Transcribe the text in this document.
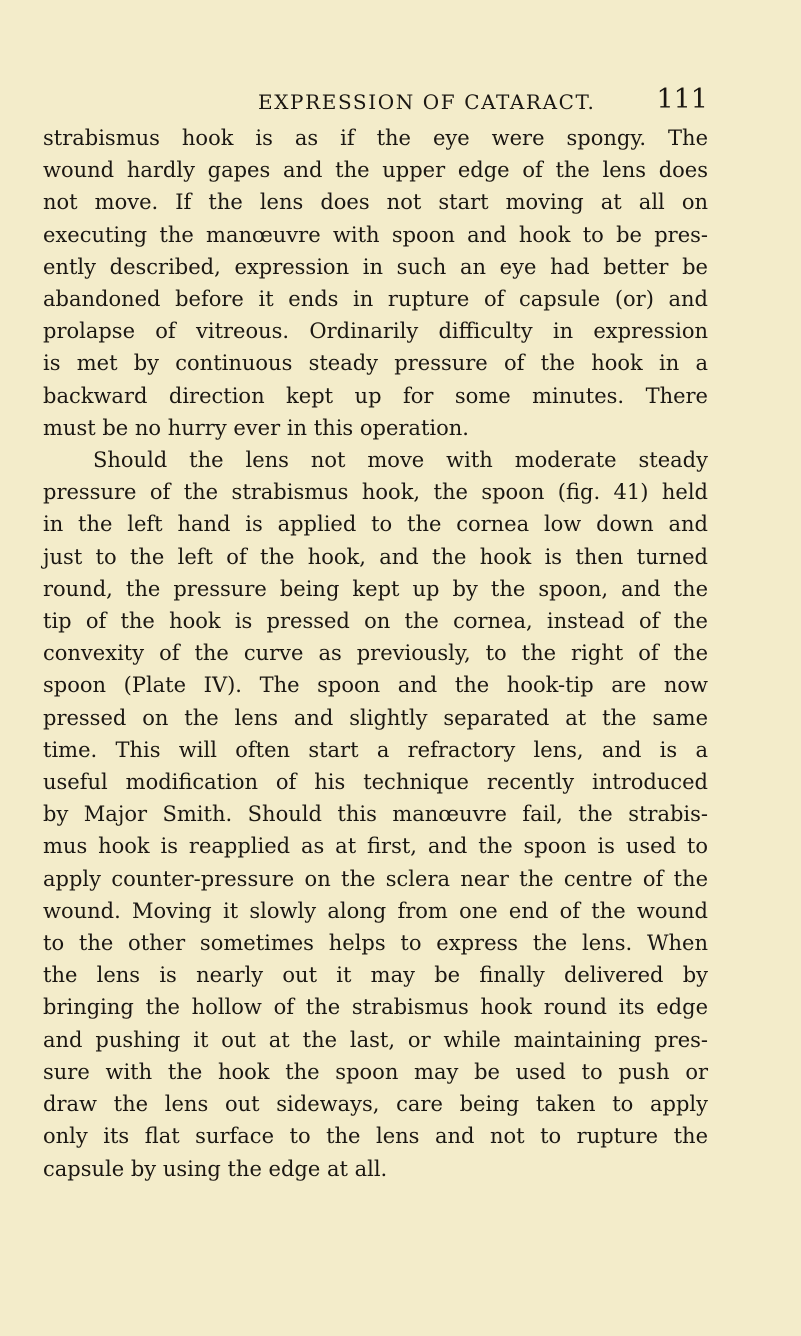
EXPRESSION OF CATARACT. 111

strabismus hook is as if the eye were spongy. The
wound hardly gapes and the upper edge of the lens does
not move. If the lens does not start moving at all on
executing the manœuvre with spoon and hook to be pres-
ently described, expression in such an eye had better be
abandoned before it ends in rupture of capsule (or) and
prolapse of vitreous. Ordinarily difficulty in expression
is met by continuous steady pressure of the hook in a
backward direction kept up for some minutes. There
must be no hurry ever in this operation.

Should the lens not move with moderate steady
pressure of the strabismus hook, the spoon (fig. 41) held
in the left hand is applied to the cornea low down and
just to the left of the hook, and the hook is then turned
round, the pressure being kept up by the spoon, and the
tip of the hook is pressed on the cornea, instead of the
convexity of the curve as previously, to the right of the
spoon (Plate IV). The spoon and the hook-tip are now
pressed on the lens and slightly separated at the same
time. This will often start a refractory lens, and is a
useful modification of his technique recently introduced
by Major Smith. Should this manœuvre fail, the strabis-
mus hook is reapplied as at first, and the spoon is used to
apply counter-pressure on the sclera near the centre of the
wound. Moving it slowly along from one end of the wound
to the other sometimes helps to express the lens. When
the lens is nearly out it may be finally delivered by
bringing the hollow of the strabismus hook round its edge
and pushing it out at the last, or while maintaining pres-
sure with the hook the spoon may be used to push or
draw the lens out sideways, care being taken to apply
only its flat surface to the lens and not to rupture the
capsule by using the edge at all.
